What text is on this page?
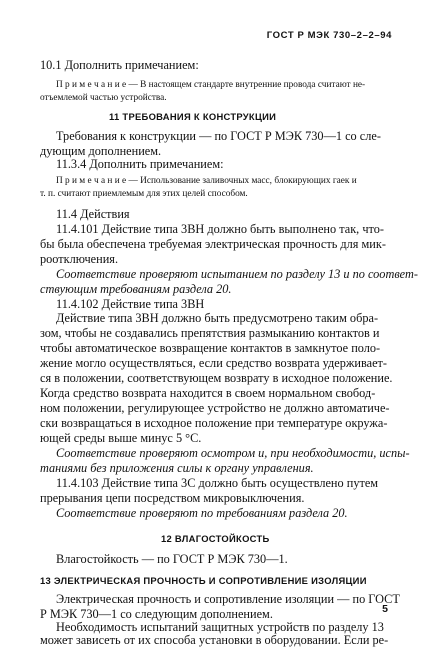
ГОСТ Р МЭК 730–2–2–94
10.1 Дополнить примечанием:
П р и м е ч а н и е — В настоящем стандарте внутренние провода считают не-
отъемлемой частью устройства.
11 ТРЕБОВАНИЯ К КОНСТРУКЦИИ
Требования к конструкции — по ГОСТ Р МЭК 730—1 со сле-
дующим дополнением.
11.3.4 Дополнить примечанием:
П р и м е ч а н и е — Использование заливочных масс, блокирующих гаек и
т. п. считают приемлемым для этих целей способом.
11.4 Действия
11.4.101 Действие типа 3ВН должно быть выполнено так, что-
бы была обеспечена требуемая электрическая прочность для мик-
роотключения.
Соответствие проверяют испытанием по разделу 13 и по соответ-
ствующим требованиям раздела 20.
11.4.102 Действие типа 3ВН
Действие типа 3ВН должно быть предусмотрено таким обра-
зом, чтобы не создавались препятствия размыканию контактов и
чтобы автоматическое возвращение контактов в замкнутое поло-
жение могло осуществляться, если средство возврата удерживает-
ся в положении, соответствующем возврату в исходное положение.
Когда средство возврата находится в своем нормальном свобод-
ном положении, регулирующее устройство не должно автоматиче-
ски возвращаться в исходное положение при температуре окружа-
ющей среды выше минус 5 °С.
Соответствие проверяют осмотром и, при необходимости, испы-
таниями без приложения силы к органу управления.
11.4.103 Действие типа 3С должно быть осуществлено путем
прерывания цепи посредством микровыключения.
Соответствие проверяют по требованиям раздела 20.
12 ВЛАГОСТОЙКОСТЬ
Влагостойкость — по ГОСТ Р МЭК 730—1.
13 ЭЛЕКТРИЧЕСКАЯ ПРОЧНОСТЬ И СОПРОТИВЛЕНИЕ ИЗОЛЯЦИИ
Электрическая прочность и сопротивление изоляции — по ГОСТ
Р МЭК 730—1 со следующим дополнением.
Необходимость испытаний защитных устройств по разделу 13
может зависеть от их способа установки в оборудовании. Если ре-
5
